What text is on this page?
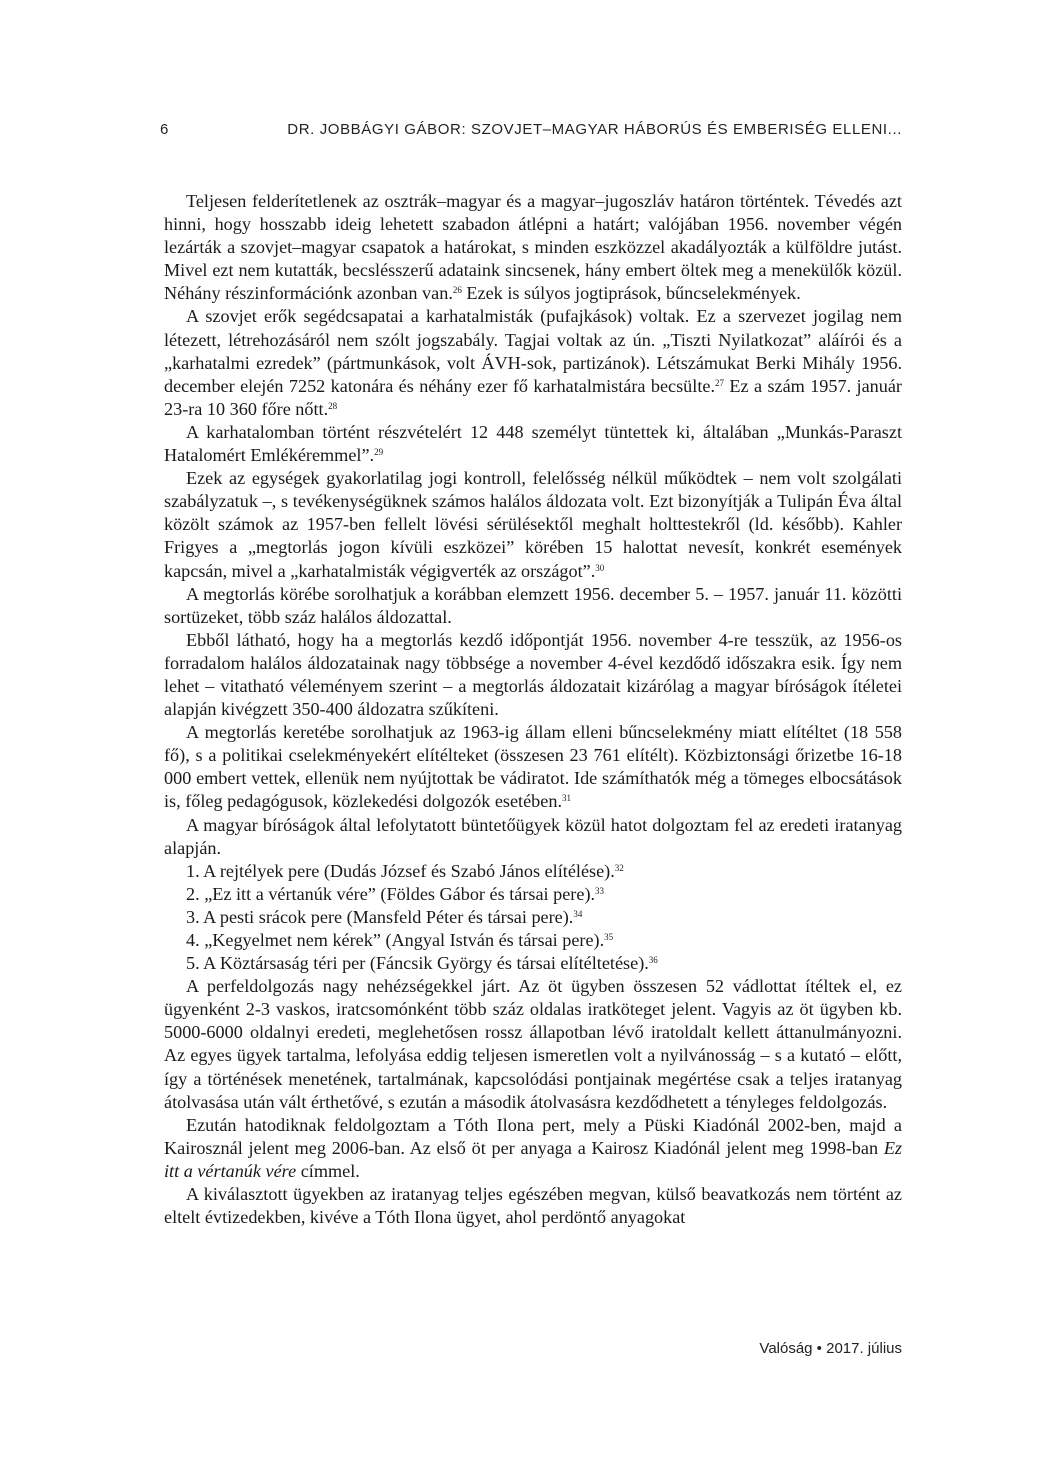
6	DR. JOBBÁGYI GÁBOR: SZOVJET–MAGYAR HÁBORÚS ÉS EMBERISÉG ELLENI...

Teljesen felderítetlenek az osztrák–magyar és a magyar–jugoszláv határon történtek. Tévedés azt hinni, hogy hosszabb ideig lehetett szabadon átlépni a határt; valójában 1956. november végén lezárták a szovjet–magyar csapatok a határokat, s minden eszközzel akadályozták a külföldre jutást. Mivel ezt nem kutatták, becslésszerű adataink sincsenek, hány embert öltek meg a menekülők közül. Néhány részinformációnk azonban van.$^{26}$ Ezek is súlyos jogtiprások, bűncselekmények.

A szovjet erők segédcsapatai a karhatalmisták (pufajkások) voltak. Ez a szervezet jogilag nem létezett, létrehozásáról nem szólt jogszabály. Tagjai voltak az ún. „Tiszti Nyilatkozat” aláírói és a „karhatalmi ezredek” (pártmunkások, volt ÁVH-sok, partizánok). Létszámukat Berki Mihály 1956. december elején 7252 katonára és néhány ezer fő karhatalmistára becsülte.$^{27}$ Ez a szám 1957. január 23-ra 10 360 főre nőtt.$^{28}$

A karhatalomban történt részvételért 12 448 személyt tüntettek ki, általában „Munkás-Paraszt Hatalomért Emlékéremmel”.$^{29}$

Ezek az egységek gyakorlatilag jogi kontroll, felelősség nélkül működtek – nem volt szolgálati szabályzatuk –, s tevékenységüknek számos halálos áldozata volt. Ezt bizonyítják a Tulipán Éva által közölt számok az 1957-ben fellelt lövési sérülésektől meghalt holttestekről (ld. később). Kahler Frigyes a „megtorlás jogon kívüli eszközei” körében 15 halottat nevesít, konkrét események kapcsán, mivel a „karhatalmisták végigverték az országot”.$^{30}$

A megtorlás körébe sorolhatjuk a korábban elemzett 1956. december 5. – 1957. január 11. közötti sortüzeket, több száz halálos áldozattal.

Ebből látható, hogy ha a megtorlás kezdő időpontját 1956. november 4-re tesszük, az 1956-os forradalom halálos áldozatainak nagy többsége a november 4-ével kezdődő időszakra esik. Így nem lehet – vitatható véleményem szerint – a megtorlás áldozatait kizárólag a magyar bíróságok ítéletei alapján kivégzett 350-400 áldozatra szűkíteni.

A megtorlás keretébe sorolhatjuk az 1963-ig állam elleni bűncselekmény miatt elítéltet (18 558 fő), s a politikai cselekményekért elítélteket (összesen 23 761 elítélt). Közbiztonsági őrizetbe 16-18 000 embert vettek, ellenük nem nyújtottak be vádiratot. Ide számíthatók még a tömeges elbocsátások is, főleg pedagógusok, közlekedési dolgozók esetében.$^{31}$

A magyar bíróságok által lefolytatott büntetőügyek közül hatot dolgoztam fel az eredeti iratanyag alapján.

1. A rejtélyek pere (Dudás József és Szabó János elítélése).$^{32}$

2. „Ez itt a vértanúk vére” (Földes Gábor és társai pere).$^{33}$

3. A pesti srácok pere (Mansfeld Péter és társai pere).$^{34}$

4. „Kegyelmet nem kérek” (Angyal István és társai pere).$^{35}$

5. A Köztársaság téri per (Fáncsik György és társai elítéltetése).$^{36}$

A perfeldolgozás nagy nehézségekkel járt. Az öt ügyben összesen 52 vádlottat ítéltek el, ez ügyenként 2-3 vaskos, iratcsomónként több száz oldalas iratköteget jelent. Vagyis az öt ügyben kb. 5000-6000 oldalnyi eredeti, meglehetősen rossz állapotban lévő iratoldalt kellett áttanulmányozni. Az egyes ügyek tartalma, lefolyása eddig teljesen ismeretlen volt a nyilvánosság – s a kutató – előtt, így a történések menetének, tartalmának, kapcsolódási pontjainak megértése csak a teljes iratanyag átolvasása után vált érthetővé, s ezután a második átolvasásra kezdődhetett a tényleges feldolgozás.

Ezután hatodiknak feldolgoztam a Tóth Ilona pert, mely a Püski Kiadónál 2002-ben, majd a Kairosznál jelent meg 2006-ban. Az első öt per anyaga a Kairosz Kiadónál jelent meg 1998-ban Ez itt a vértanúk vére címmel.

A kiválasztott ügyekben az iratanyag teljes egészében megvan, külső beavatkozás nem történt az eltelt évtizedekben, kivéve a Tóth Ilona ügyet, ahol perdöntő anyagokat

Valóság • 2017. július
